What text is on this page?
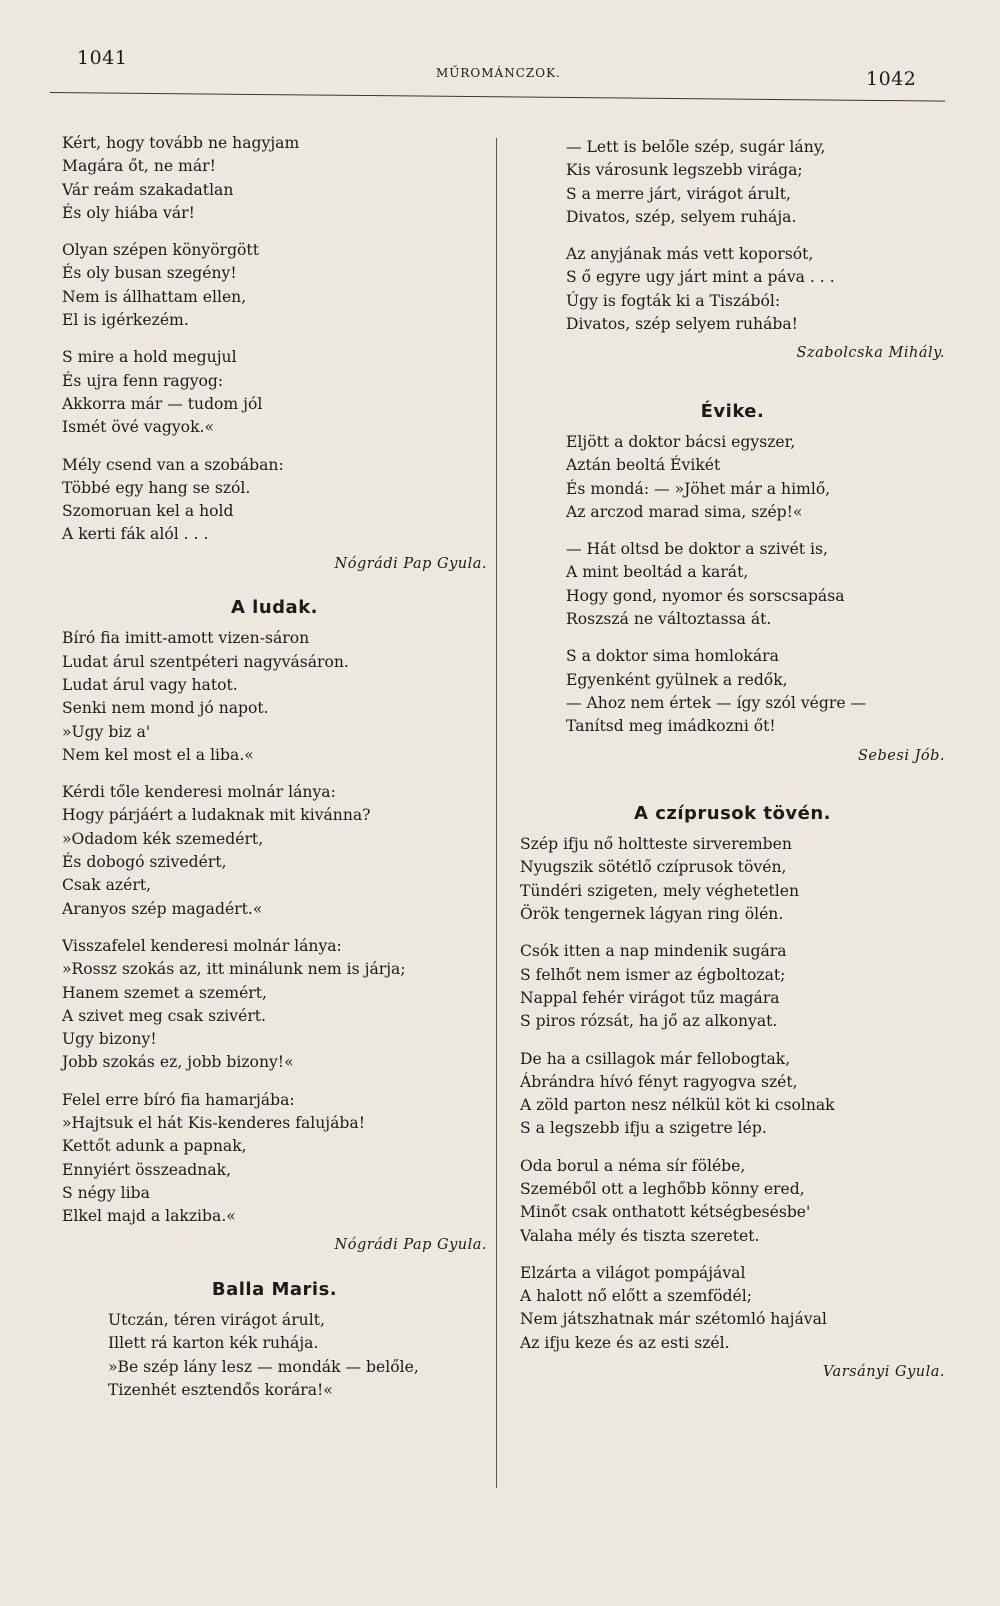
1041
MŰROMÁNCZOK.	1042
Kért, hogy tovább ne hagyjam
Magára őt, ne már!
Vár reám szakadatlan
És oly hiába vár!
Olyan szépen könyörgött
És oly busan szegény!
Nem is állhattam ellen,
El is igérkezém.
S mire a hold megujul
És ujra fenn ragyog:
Akkorra már — tudom jól
Ismét övé vagyok.«
Mély csend van a szobában:
Többé egy hang se szól.
Szomoruan kel a hold
A kerti fák alól . . .
Nógrádi Pap Gyula.
A ludak.
Bíró fia imitt-amott vizen-sáron
Ludat árul szentpéteri nagyvásáron.
Ludat árul vagy hatot.
Senki nem mond jó napot.
»Ugy biz a'
Nem kel most el a liba.«
Kérdi tőle kenderesi molnár lánya:
Hogy párjáért a ludaknak mit kivánna?
»Odadom kék szemedért,
És dobogó szivedért,
Csak azért,
Aranyos szép magadért.«
Visszafelel kenderesi molnár lánya:
»Rossz szokás az, itt minálunk nem is járja;
Hanem szemet a szemért,
A szivet meg csak szivért.
Ugy bizony!
Jobb szokás ez, jobb bizony!«
Felel erre bíró fia hamarjába:
»Hajtsuk el hát Kis-kenderes falujába!
Kettőt adunk a papnak,
Ennyiért összeadnak,
S négy liba
Elkel majd a lakziba.«
Nógrádi Pap Gyula.
Balla Maris.
Utczán, téren virágot árult,
Illett rá karton kék ruhája.
»Be szép lány lesz — mondák — belőle,
Tizenhét esztendős korára!«
— Lett is belőle szép, sugár lány,
Kis városunk legszebb virága;
S a merre járt, virágot árult,
Divatos, szép, selyem ruhája.
Az anyjának más vett koporsót,
S ő egyre ugy járt mint a páva . . .
Úgy is fogták ki a Tiszából:
Divatos, szép selyem ruhába!
Szabolcska Mihály.
Évike.
Eljött a doktor bácsi egyszer,
Aztán beoltá Évikét
És mondá: — »Jöhet már a himlő,
Az arczod marad sima, szép!«
— Hát oltsd be doktor a szivét is,
A mint beoltád a karát,
Hogy gond, nyomor és sorscsapása
Roszszá ne változtassa át.
S a doktor sima homlokára
Egyenként gyülnek a redők,
— Ahoz nem értek — így szól végre —
Tanítsd meg imádkozni őt!
Sebesi Jób.
A czíprusok tövén.
Szép ifju nő holtteste sirveremben
Nyugszik sötétlő czíprusok tövén,
Tündéri szigeten, mely véghetetlen
Örök tengernek lágyan ring ölén.
Csók itten a nap mindenik sugára
S felhőt nem ismer az égboltozat;
Nappal fehér virágot tűz magára
S piros rózsát, ha jő az alkonyat.
De ha a csillagok már fellobogtak,
Ábrándra hívó fényt ragyogva szét,
A zöld parton nesz nélkül köt ki csolnak
S a legszebb ifju a szigetre lép.
Oda borul a néma sír fölébe,
Szeméből ott a leghőbb könny ered,
Minőt csak onthatott kétségbesésbe'
Valaha mély és tiszta szeretet.
Elzárta a világot pompájával
A halott nő előtt a szemfödél;
Nem játszhatnak már szétomló hajával
Az ifju keze és az esti szél.
Varsányi Gyula.
